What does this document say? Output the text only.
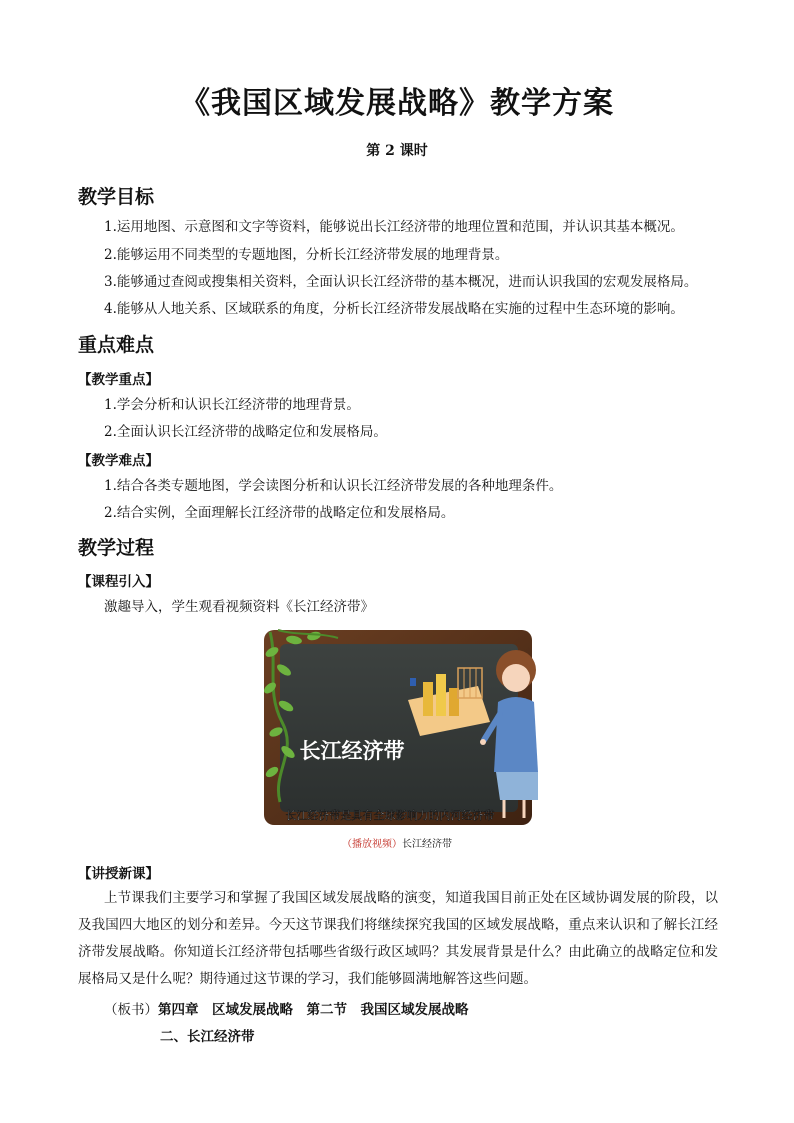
《我国区域发展战略》教学方案
第 2 课时
教学目标
1.运用地图、示意图和文字等资料，能够说出长江经济带的地理位置和范围，并认识其基本概况。
2.能够运用不同类型的专题地图，分析长江经济带发展的地理背景。
3.能够通过查阅或搜集相关资料，全面认识长江经济带的基本概况，进而认识我国的宏观发展格局。
4.能够从人地关系、区域联系的角度，分析长江经济带发展战略在实施的过程中生态环境的影响。
重点难点
【教学重点】
1.学会分析和认识长江经济带的地理背景。
2.全面认识长江经济带的战略定位和发展格局。
【教学难点】
1.结合各类专题地图，学会读图分析和认识长江经济带发展的各种地理条件。
2.结合实例，全面理解长江经济带的战略定位和发展格局。
教学过程
【课程引入】
激趣导入，学生观看视频资料《长江经济带》
长江经济带
长江经济带是具有全球影响力的内河经济带
（播放视频）长江经济带
【讲授新课】
上节课我们主要学习和掌握了我国区域发展战略的演变，知道我国目前正处在区域协调发展的阶段，以及我国四大地区的划分和差异。今天这节课我们将继续探究我国的区域发展战略，重点来认识和了解长江经济带发展战略。你知道长江经济带包括哪些省级行政区域吗？其发展背景是什么？由此确立的战略定位和发展格局又是什么呢？期待通过这节课的学习，我们能够圆满地解答这些问题。
（板书）第四章　区域发展战略　第二节　我国区域发展战略
二、长江经济带
